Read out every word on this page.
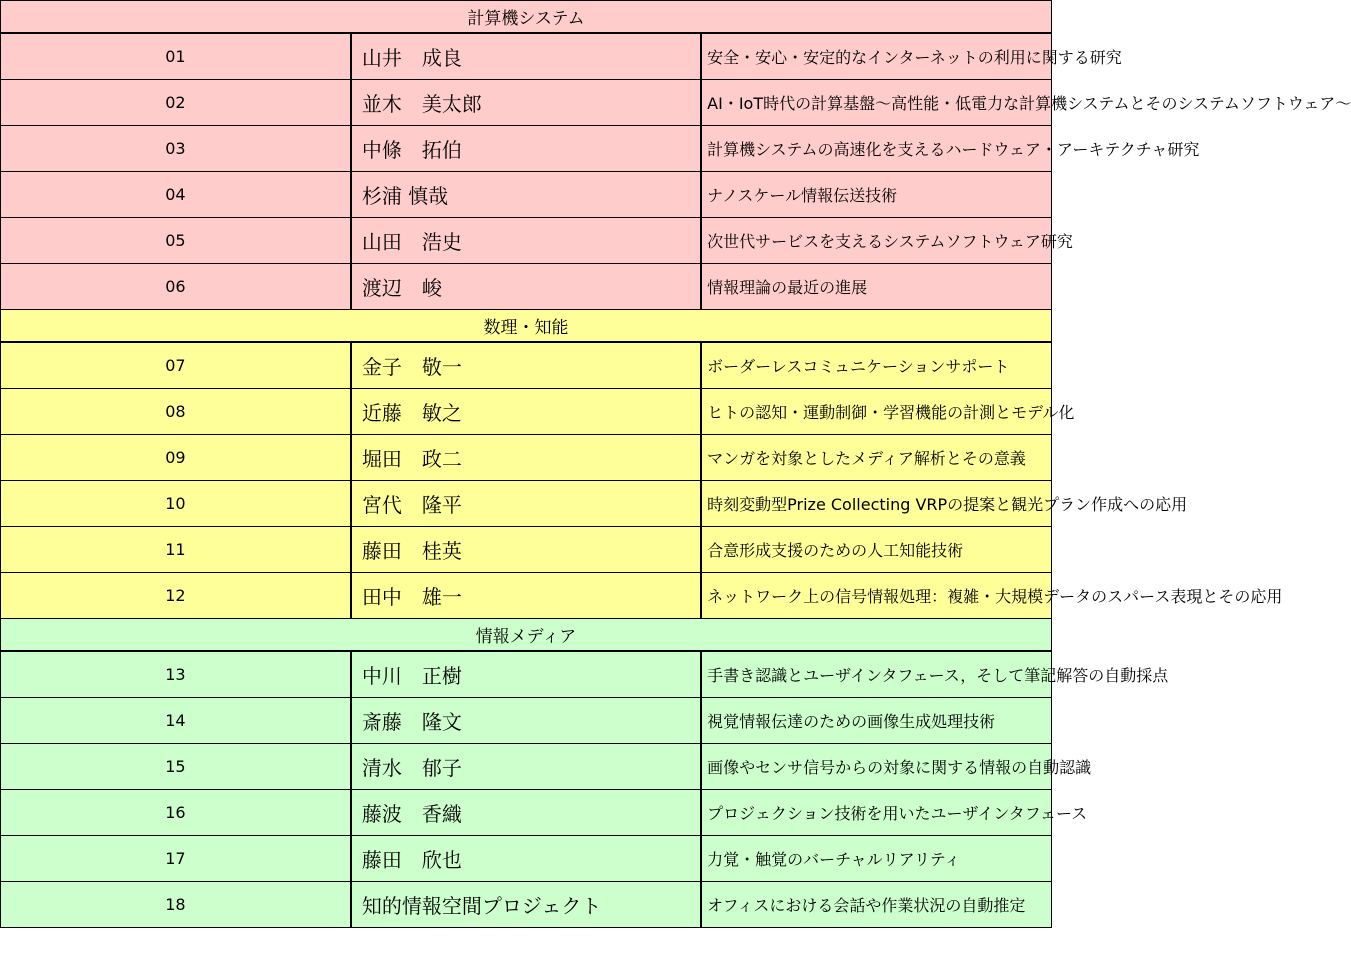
計算機システム		
01	山井　成良	安全・安心・安定的なインターネットの利用に関する研究
02	並木　美太郎	AI・IoT時代の計算基盤～高性能・低電力な計算機システムとそのシステムソフトウェア～
03	中條　拓伯	計算機システムの高速化を支えるハードウェア・アーキテクチャ研究
04	杉浦 慎哉	ナノスケール情報伝送技術
05	山田　浩史	次世代サービスを支えるシステムソフトウェア研究
06	渡辺　峻	情報理論の最近の進展
数理・知能		
07	金子　敬一	ボーダーレスコミュニケーションサポート
08	近藤　敏之	ヒトの認知・運動制御・学習機能の計測とモデル化
09	堀田　政二	マンガを対象としたメディア解析とその意義
10	宮代　隆平	時刻変動型Prize Collecting VRPの提案と観光プラン作成への応用
11	藤田　桂英	合意形成支援のための人工知能技術
12	田中　雄一	ネットワーク上の信号情報処理：複雑・大規模データのスパース表現とその応用
情報メディア		
13	中川　正樹	手書き認識とユーザインタフェース，そして筆記解答の自動採点
14	斎藤　隆文	視覚情報伝達のための画像生成処理技術
15	清水　郁子	画像やセンサ信号からの対象に関する情報の自動認識
16	藤波　香織	プロジェクション技術を用いたユーザインタフェース
17	藤田　欣也	力覚・触覚のバーチャルリアリティ
18	知的情報空間プロジェクト	オフィスにおける会話や作業状況の自動推定
